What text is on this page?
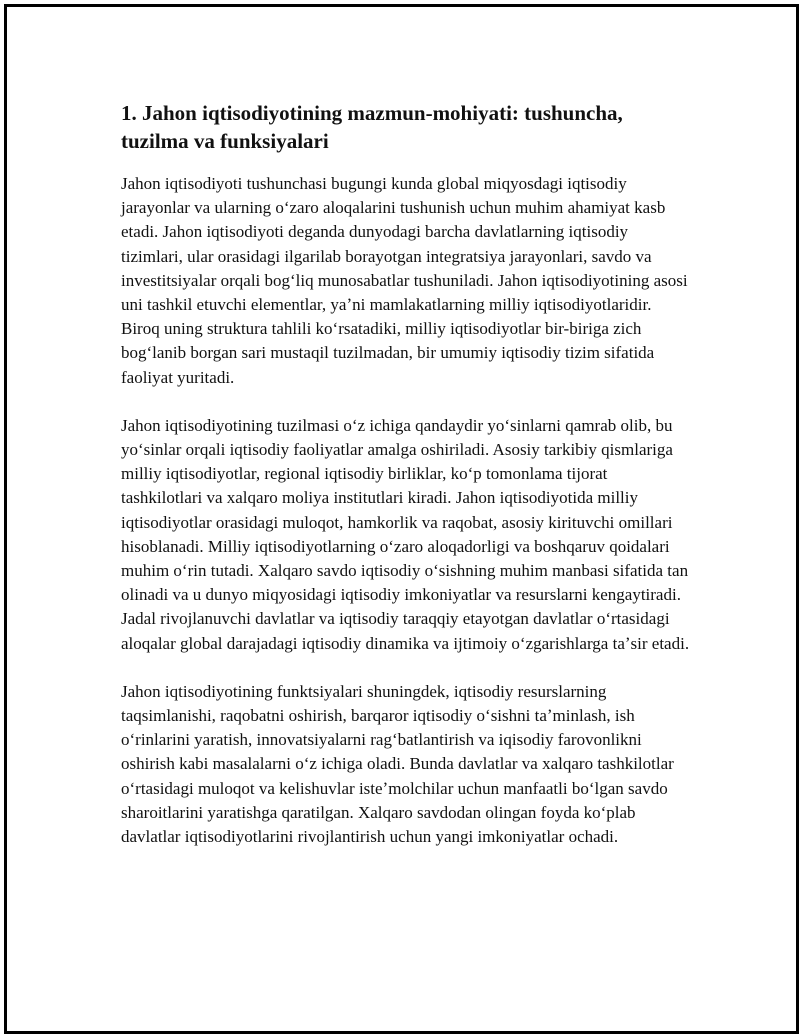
1. Jahon iqtisodiyotining mazmun-mohiyati: tushuncha, tuzilma va funksiyalari

Jahon iqtisodiyoti tushunchasi bugungi kunda global miqyosdagi iqtisodiy jarayonlar va ularning oʻzaro aloqalarini tushunish uchun muhim ahamiyat kasb etadi. Jahon iqtisodiyoti deganda dunyodagi barcha davlatlarning iqtisodiy tizimlari, ular orasidagi ilgarilab borayotgan integratsiya jarayonlari, savdo va investitsiyalar orqali bogʻliq munosabatlar tushuniladi. Jahon iqtisodiyotining asosi uni tashkil etuvchi elementlar, yaʼni mamlakatlarning milliy iqtisodiyotlaridir. Biroq uning struktura tahlili koʻrsatadiki, milliy iqtisodiyotlar bir-biriga zich bogʻlanib borgan sari mustaqil tuzilmadan, bir umumiy iqtisodiy tizim sifatida faoliyat yuritadi.

Jahon iqtisodiyotining tuzilmasi oʻz ichiga qandaydir yoʻsinlarni qamrab olib, bu yoʻsinlar orqali iqtisodiy faoliyatlar amalga oshiriladi. Asosiy tarkibiy qismlariga milliy iqtisodiyotlar, regional iqtisodiy birliklar, koʻp tomonlama tijorat tashkilotlari va xalqaro moliya institutlari kiradi. Jahon iqtisodiyotida milliy iqtisodiyotlar orasidagi muloqot, hamkorlik va raqobat, asosiy kirituvchi omillari hisoblanadi. Milliy iqtisodiyotlarning oʻzaro aloqadorligi va boshqaruv qoidalari muhim oʻrin tutadi. Xalqaro savdo iqtisodiy oʻsishning muhim manbasi sifatida tan olinadi va u dunyo miqyosidagi iqtisodiy imkoniyatlar va resurslarni kengaytiradi. Jadal rivojlanuvchi davlatlar va iqtisodiy taraqqiy etayotgan davlatlar oʻrtasidagi aloqalar global darajadagi iqtisodiy dinamika va ijtimoiy oʻzgarishlarga taʼsir etadi.

Jahon iqtisodiyotining funktsiyalari shuningdek, iqtisodiy resurslarning taqsimlanishi, raqobatni oshirish, barqaror iqtisodiy oʻsishni taʼminlash, ish oʻrinlarini yaratish, innovatsiyalarni ragʻbatlantirish va iqisodiy farovonlikni oshirish kabi masalalarni oʻz ichiga oladi. Bunda davlatlar va xalqaro tashkilotlar oʻrtasidagi muloqot va kelishuvlar isteʼmolchilar uchun manfaatli boʻlgan savdo sharoitlarini yaratishga qaratilgan. Xalqaro savdodan olingan foyda koʻplab davlatlar iqtisodiyotlarini rivojlantirish uchun yangi imkoniyatlar ochadi.
